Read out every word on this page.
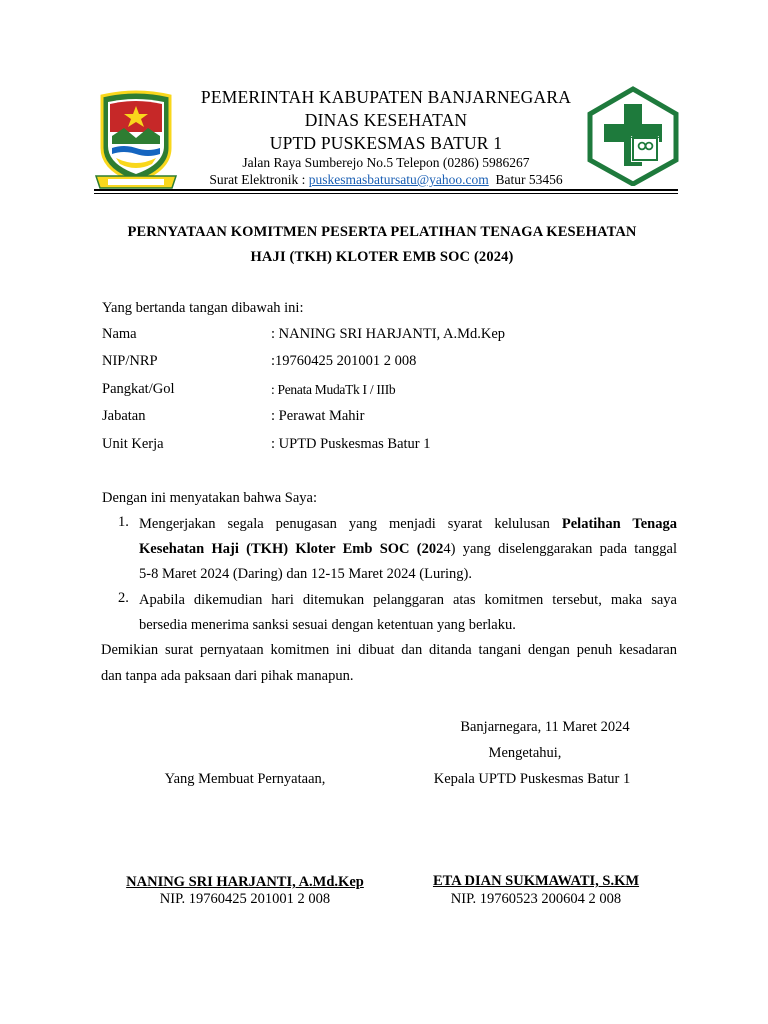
PEMERINTAH KABUPATEN BANJARNEGARA
DINAS KESEHATAN
UPTD PUSKESMAS BATUR 1
Jalan Raya Sumberejo No.5 Telepon (0286) 5986267
Surat Elektronik : puskesmasbatursatu@yahoo.com Batur 53456
PERNYATAAN KOMITMEN PESERTA PELATIHAN TENAGA KESEHATAN
HAJI (TKH) KLOTER EMB SOC (2024)
Yang bertanda tangan dibawah ini:
Nama	: NANING SRI HARJANTI, A.Md.Kep
NIP/NRP	:19760425 201001 2 008
Pangkat/Gol	: Penata MudaTk I / IIIb
Jabatan	: Perawat Mahir
Unit Kerja	: UPTD Puskesmas Batur 1
Dengan ini menyatakan bahwa Saya:
1. Mengerjakan segala penugasan yang menjadi syarat kelulusan Pelatihan Tenaga
Kesehatan Haji (TKH) Kloter Emb SOC (2024) yang diselenggarakan pada tanggal
5-8 Maret 2024 (Daring) dan 12-15 Maret 2024 (Luring).
2. Apabila dikemudian hari ditemukan pelanggaran atas komitmen tersebut, maka saya
bersedia menerima sanksi sesuai dengan ketentuan yang berlaku.
Demikian surat pernyataan komitmen ini dibuat dan ditanda tangani dengan penuh kesadaran
dan tanpa ada paksaan dari pihak manapun.
Banjarnegara, 11 Maret 2024
Mengetahui,
Yang Membuat Pernyataan,	Kepala UPTD Puskesmas Batur 1
NANING SRI HARJANTI, A.Md.Kep
NIP. 19760425 201001 2 008
ETA DIAN SUKMAWATI, S.KM
NIP. 19760523 200604 2 008
